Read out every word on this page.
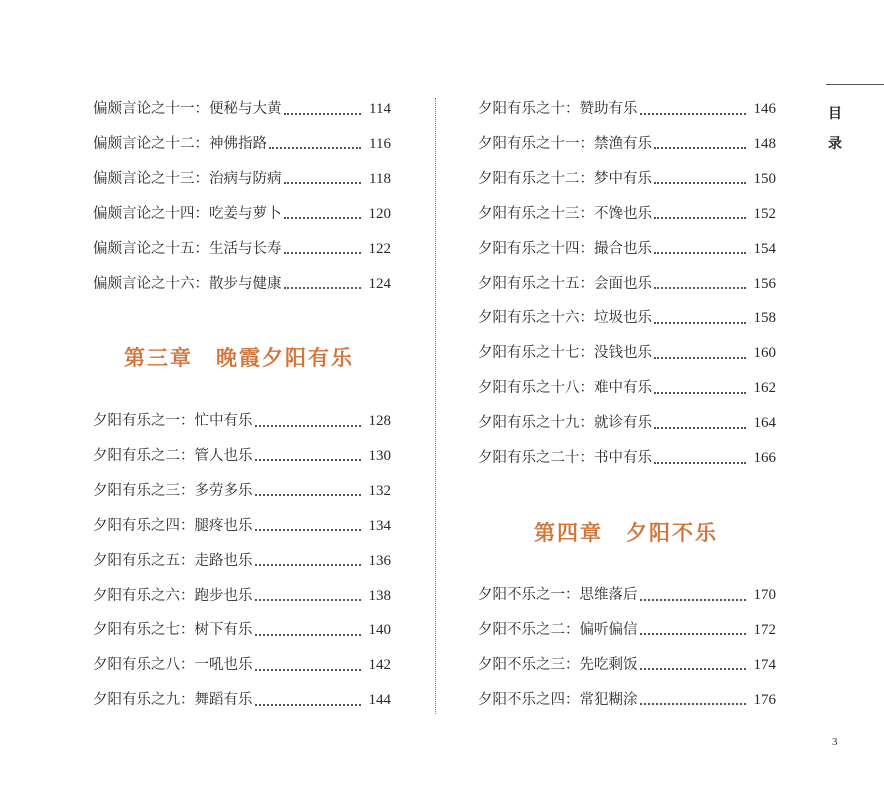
第三章　晚霞夕阳有乐
偏颇言论之十一：便秘与大黄	114
偏颇言论之十二：神佛指路	116
偏颇言论之十三：治病与防病	118
偏颇言论之十四：吃姜与萝卜	120
偏颇言论之十五：生活与长寿	122
偏颇言论之十六：散步与健康	124
夕阳有乐之一：忙中有乐	128
夕阳有乐之二：管人也乐	130
夕阳有乐之三：多劳多乐	132
夕阳有乐之四：腿疼也乐	134
夕阳有乐之五：走路也乐	136
夕阳有乐之六：跑步也乐	138
夕阳有乐之七：树下有乐	140
夕阳有乐之八：一吼也乐	142
夕阳有乐之九：舞蹈有乐	144
第四章　夕阳不乐
夕阳有乐之十：赞助有乐	146
夕阳有乐之十一：禁渔有乐	148
夕阳有乐之十二：梦中有乐	150
夕阳有乐之十三：不馋也乐	152
夕阳有乐之十四：撮合也乐	154
夕阳有乐之十五：会面也乐	156
夕阳有乐之十六：垃圾也乐	158
夕阳有乐之十七：没钱也乐	160
夕阳有乐之十八：难中有乐	162
夕阳有乐之十九：就诊有乐	164
夕阳有乐之二十：书中有乐	166
夕阳不乐之一：思维落后	170
夕阳不乐之二：偏听偏信	172
夕阳不乐之三：先吃剩饭	174
夕阳不乐之四：常犯糊涂	176
目
录
3
